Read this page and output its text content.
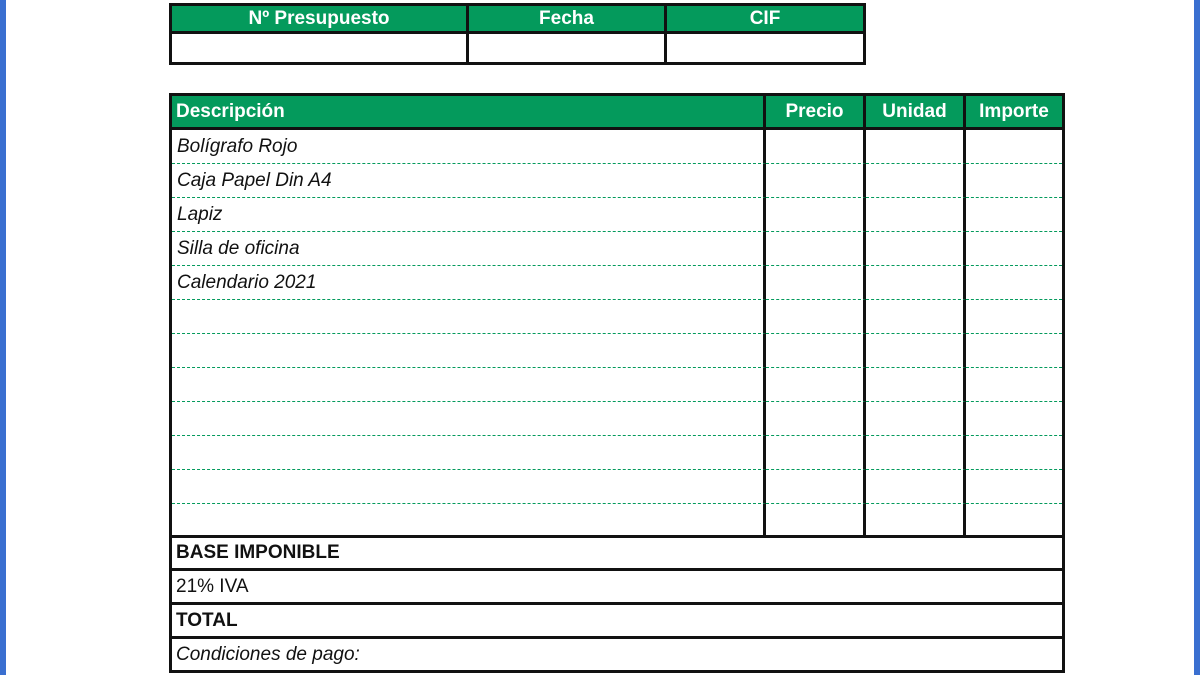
Nº Presupuesto	Fecha	CIF
Descripción	Precio	Unidad	Importe
Bolígrafo Rojo
Caja Papel Din A4
Lapiz
Silla de oficina
Calendario 2021
BASE IMPONIBLE
21% IVA
TOTAL
Condiciones de pago:
